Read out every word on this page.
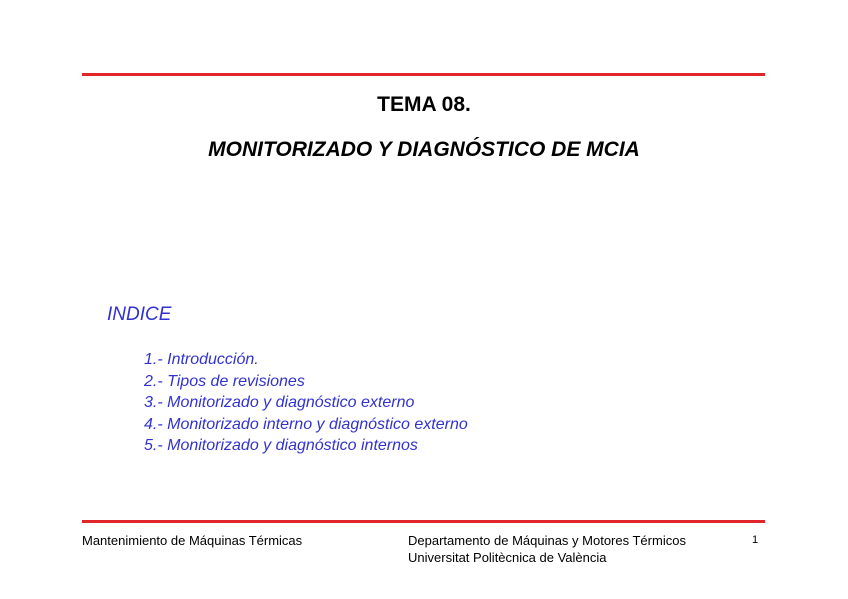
TEMA 08.
MONITORIZADO Y DIAGNÓSTICO DE MCIA
INDICE
1.- Introducción.
2.- Tipos de revisiones
3.- Monitorizado y diagnóstico externo
4.- Monitorizado interno y diagnóstico externo
5.- Monitorizado y diagnóstico internos
Mantenimiento de Máquinas Térmicas	Departamento de Máquinas y Motores Térmicos
Universitat Politècnica de València
1
